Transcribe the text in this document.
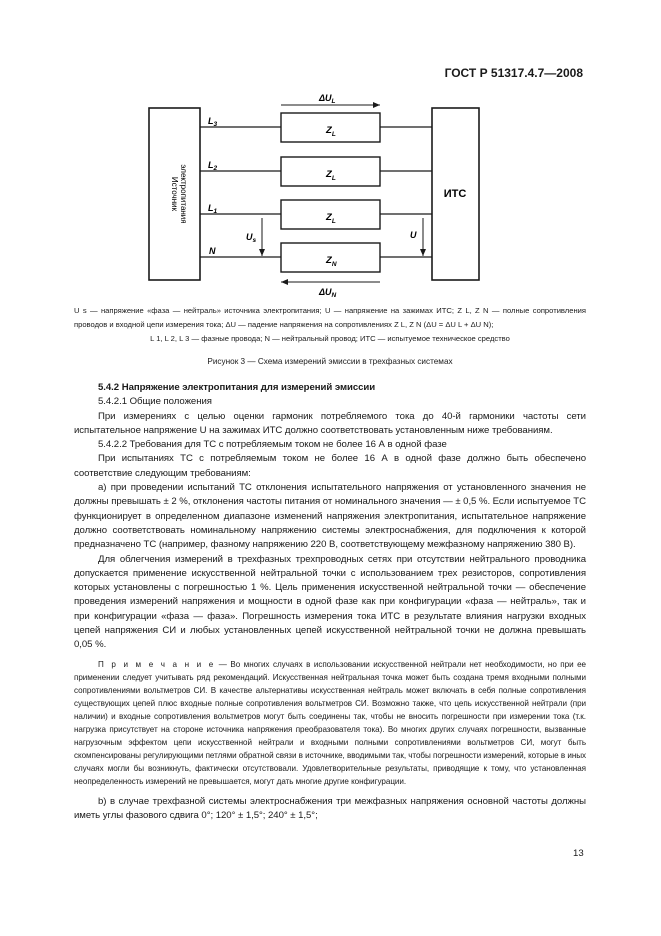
ГОСТ Р 51317.4.7—2008
Источник электропитания	ИТС
$Z_L$
$Z_L$
$Z_L$
$Z_N$
$L_3$
$L_2$
$L_1$
N
$U_s$
U
$\Delta U_L$
$\Delta U_N$
U s — напряжение «фаза — нейтраль» источника электропитания; U — напряжение на зажимах ИТС; Z L, Z N — полные сопротивления проводов и входной цепи измерения тока; ΔU — падение напряжения на сопротивлениях Z L, Z N (ΔU = ΔU L + ΔU N);
L 1, L 2, L 3 — фазные провода; N — нейтральный провод; ИТС — испытуемое техническое средство
Рисунок 3 — Схема измерений эмиссии в трехфазных системах

5.4.2 Напряжение электропитания для измерений эмиссии

5.4.2.1 Общие положения

При измерениях с целью оценки гармоник потребляемого тока до 40-й гармоники частоты сети испытательное напряжение U на зажимах ИТС должно соответствовать установленным ниже требованиям.

5.4.2.2 Требования для ТС с потребляемым током не более 16 А в одной фазе

При испытаниях ТС с потребляемым током не более 16 А в одной фазе должно быть обеспечено соответствие следующим требованиям:

а) при проведении испытаний ТС отклонения испытательного напряжения от установленного значения не должны превышать ± 2 %, отклонения частоты питания от номинального значения — ± 0,5 %. Если испытуемое ТС функционирует в определенном диапазоне изменений напряжения электропитания, испытательное напряжение должно соответствовать номинальному напряжению системы электроснабжения, для подключения к которой предназначено ТС (например, фазному напряжению 220 В, соответствующему межфазному напряжению 380 В).

Для облегчения измерений в трехфазных трехпроводных сетях при отсутствии нейтрального проводника допускается применение искусственной нейтральной точки с использованием трех резисторов, сопротивления которых установлены с погрешностью 1 %. Цель применения искусственной нейтральной точки — обеспечение проведения измерений напряжения и мощности в одной фазе как при конфигурации «фаза — нейтраль», так и при конфигурации «фаза — фаза». Погрешность измерения тока ИТС в результате влияния нагрузки входных цепей напряжения СИ и любых установленных цепей искусственной нейтральной точки не должна превышать 0,05 %.

П р и м е ч а н и е — Во многих случаях в использовании искусственной нейтрали нет необходимости, но при ее применении следует учитывать ряд рекомендаций. Искусственная нейтральная точка может быть создана тремя входными полными сопротивлениями вольтметров СИ. В качестве альтернативы искусственная нейтраль может включать в себя полные сопротивления существующих цепей плюс входные полные сопротивления вольтметров СИ. Возможно также, что цепь искусственной нейтрали (при наличии) и входные сопротивления вольтметров могут быть соединены так, чтобы не вносить погрешности при измерении тока (т.к. нагрузка присутствует на стороне источника напряжения преобразователя тока). Во многих других случаях погрешности, вызванные нагрузочным эффектом цепи искусственной нейтрали и входными полными сопротивлениями вольтметров СИ, могут быть скомпенсированы регулирующими петлями обратной связи в источнике, вводимыми так, чтобы погрешности измерений, которые в иных случаях могли бы возникнуть, фактически отсутствовали. Удовлетворительные результаты, приводящие к тому, что установленная неопределенность измерений не превышается, могут дать многие другие конфигурации.

b) в случае трехфазной системы электроснабжения три межфазных напряжения основной частоты должны иметь углы фазового сдвига 0°; 120° ± 1,5°; 240° ± 1,5°;

13
